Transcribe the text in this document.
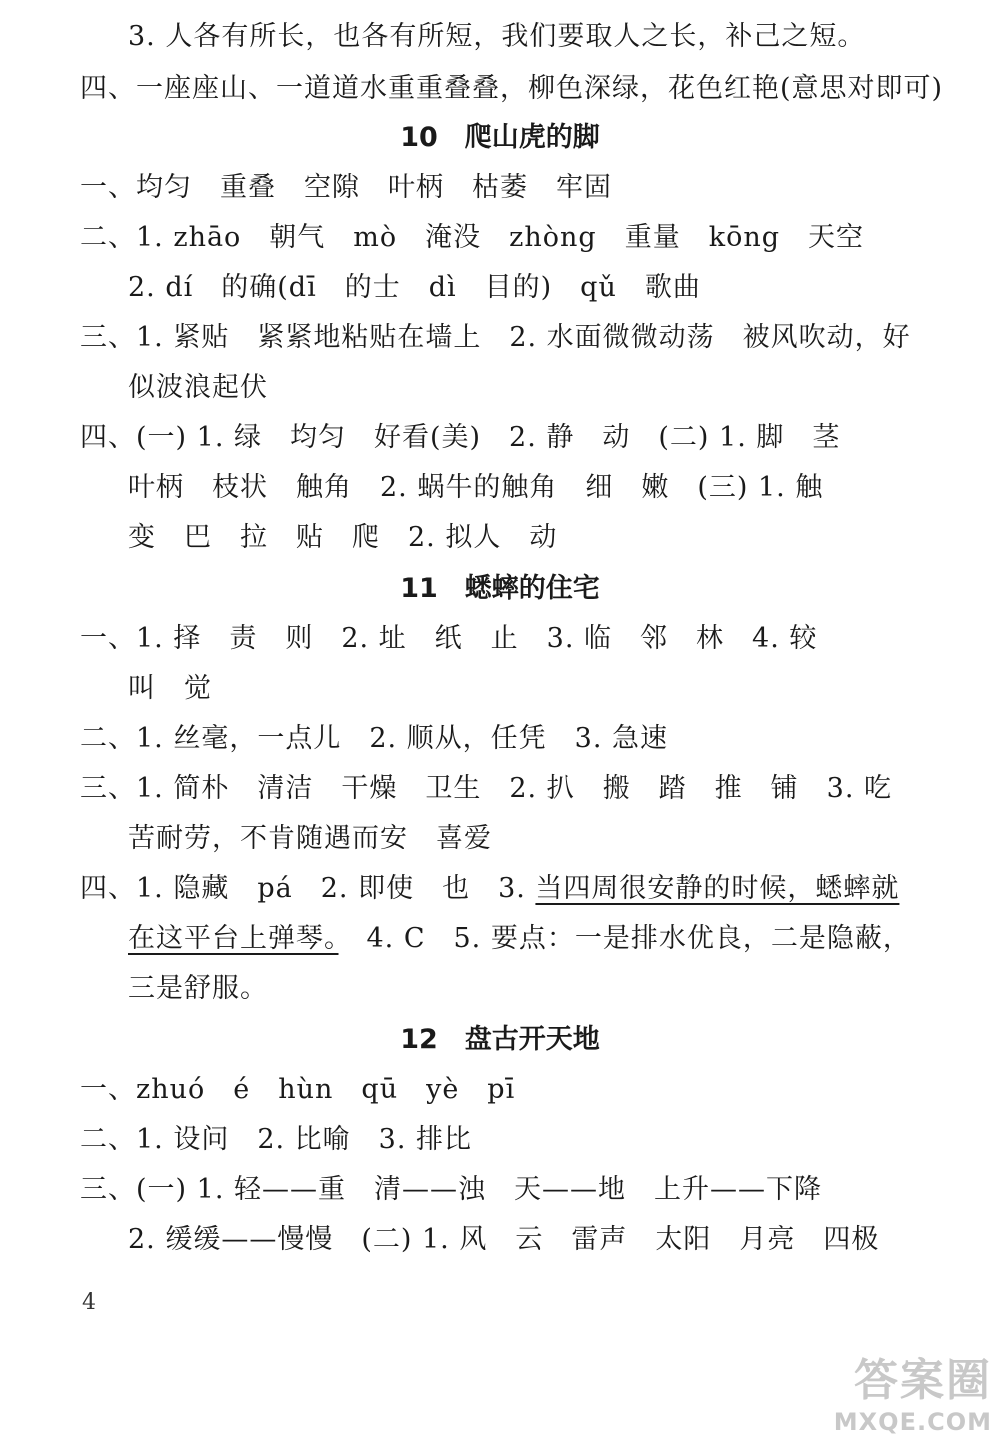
3. 人各有所长，也各有所短，我们要取人之长，补己之短。
四、一座座山、一道道水重重叠叠，柳色深绿，花色红艳(意思对即可)
10　爬山虎的脚
一、均匀　重叠　空隙　叶柄　枯萎　牢固
二、1. zhāo　朝气　mò　淹没　zhòng　重量　kōng　天空
2. dí　的确(dī　的士　dì　目的)　qǔ　歌曲
三、1. 紧贴　紧紧地粘贴在墙上　2. 水面微微动荡　被风吹动，好
似波浪起伏
四、(一) 1. 绿　均匀　好看(美)　2. 静　动　(二) 1. 脚　茎
叶柄　枝状　触角　2. 蜗牛的触角　细　嫩　(三) 1. 触
变　巴　拉　贴　爬　2. 拟人　动
11　蟋蟀的住宅
一、1. 择　责　则　2. 址　纸　止　3. 临　邻　林　4. 较
叫　觉
二、1. 丝毫，一点儿　2. 顺从，任凭　3. 急速
三、1. 简朴　清洁　干燥　卫生　2. 扒　搬　踏　推　铺　3. 吃
苦耐劳，不肯随遇而安　喜爱
四、1. 隐藏　pá　2. 即使　也　3. 当四周很安静的时候，蟋蟀就
在这平台上弹琴。　4. C　5. 要点：一是排水优良，二是隐蔽，
三是舒服。
12　盘古开天地
一、zhuó　é　hùn　qū　yè　pī
二、1. 设问　2. 比喻　3. 排比
三、(一) 1. 轻——重　清——浊　天——地　上升——下降
2. 缓缓——慢慢　(二) 1. 风　云　雷声　太阳　月亮　四极
4
答案圈
MXQE.COM
